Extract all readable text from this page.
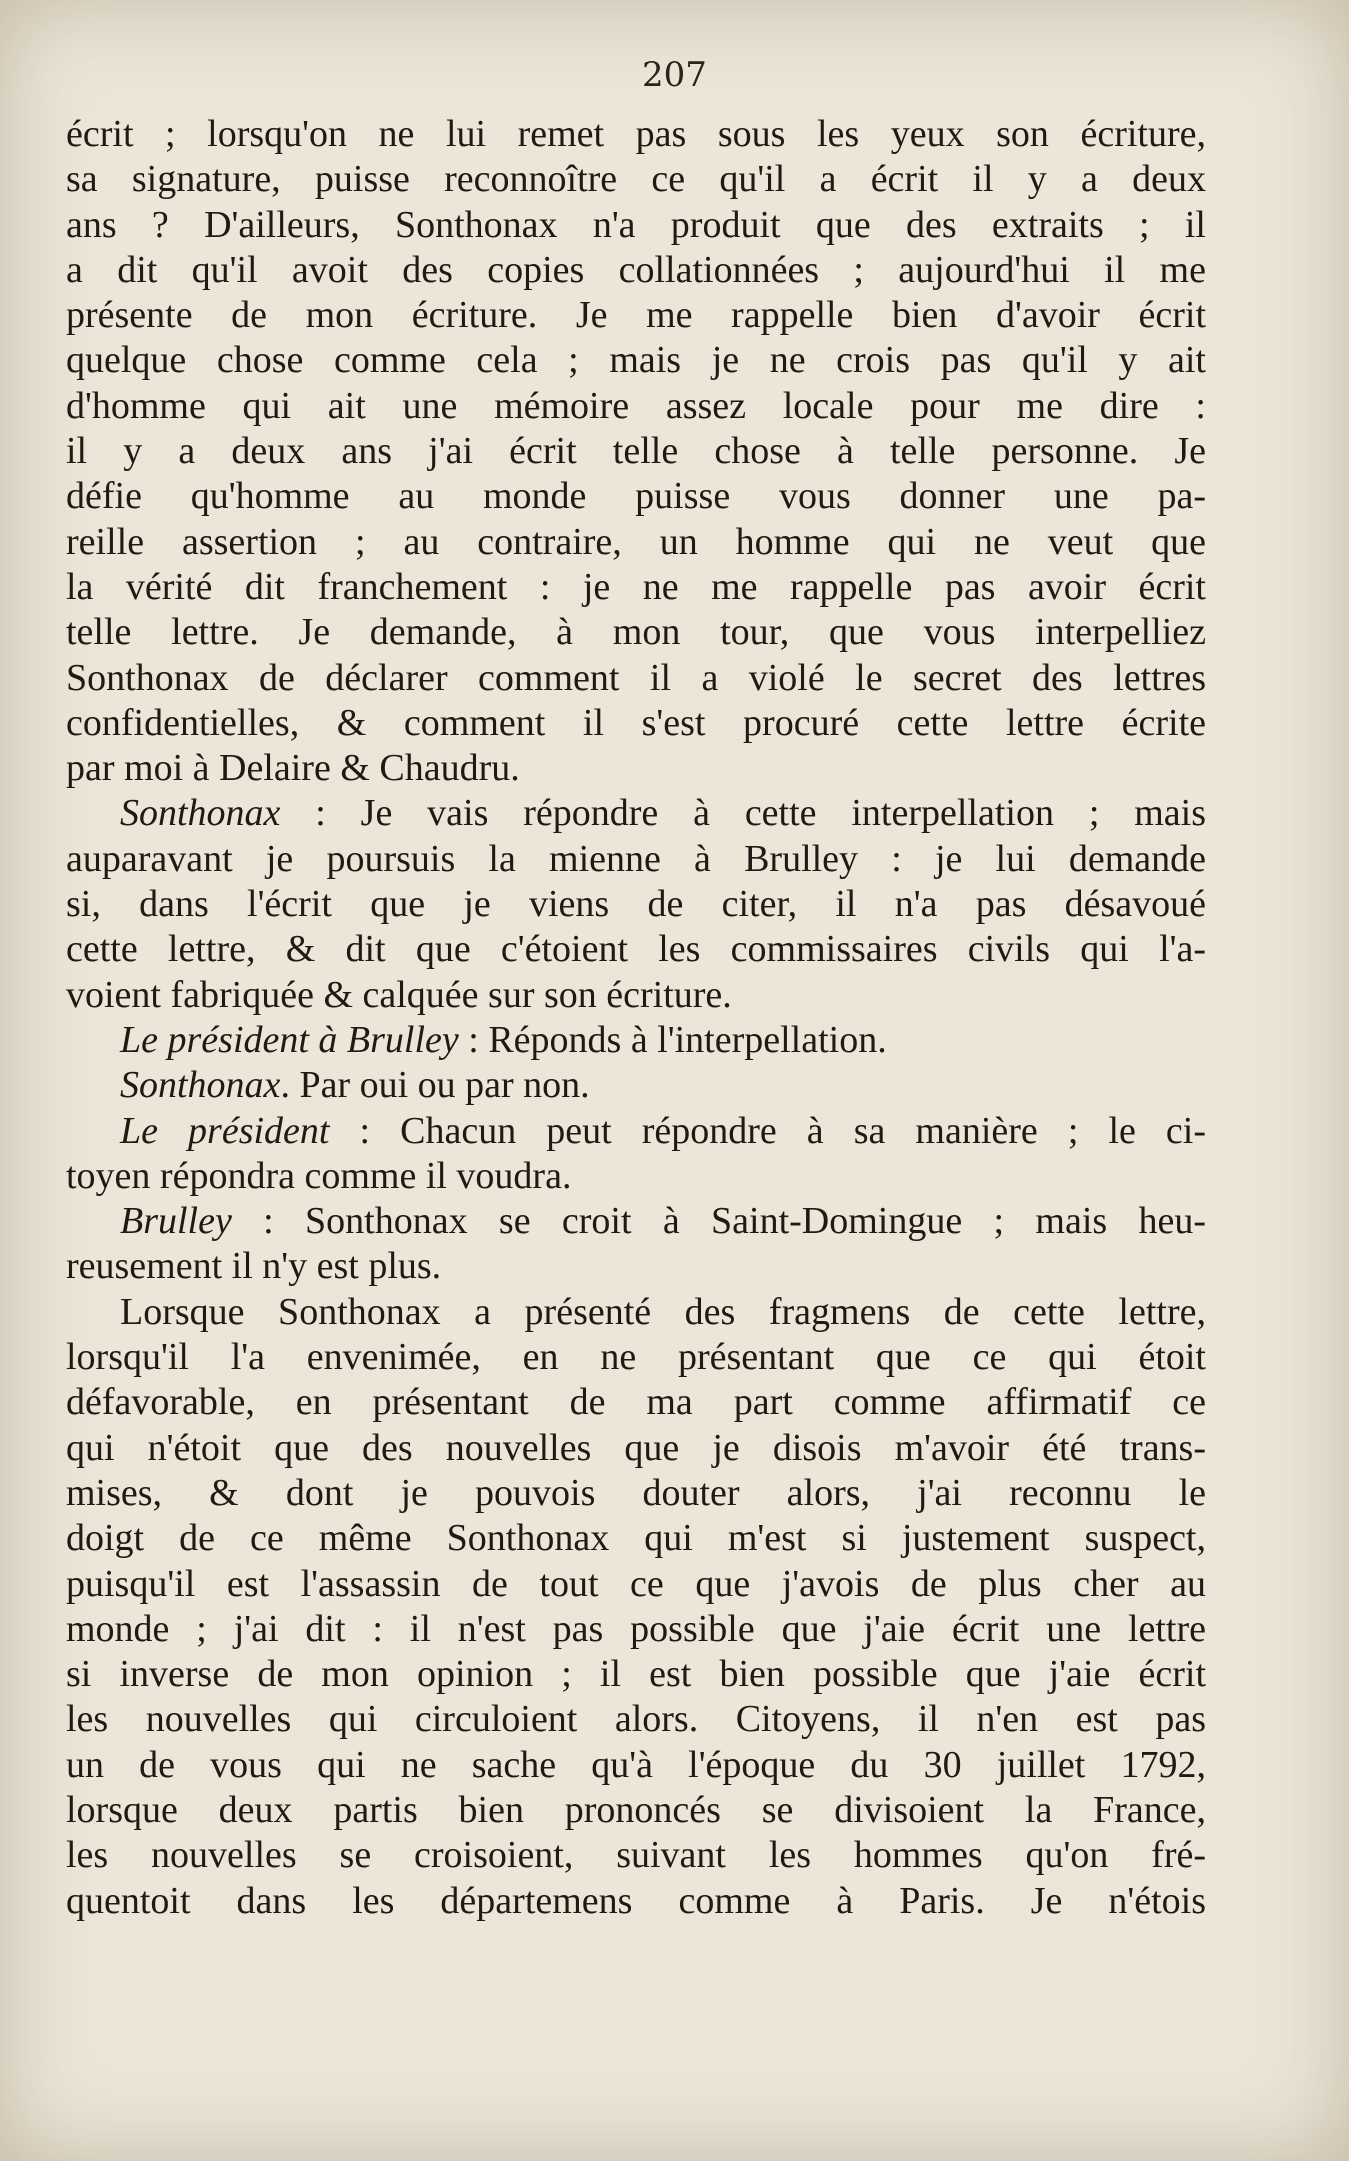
207
écrit ; lorsqu'on ne lui remet pas sous les yeux son écriture,
sa signature, puisse reconnoître ce qu'il a écrit il y a deux
ans ? D'ailleurs, Sonthonax n'a produit que des extraits ; il
a dit qu'il avoit des copies collationnées ; aujourd'hui il me
présente de mon écriture. Je me rappelle bien d'avoir écrit
quelque chose comme cela ; mais je ne crois pas qu'il y ait
d'homme qui ait une mémoire assez locale pour me dire :
il y a deux ans j'ai écrit telle chose à telle personne. Je
défie qu'homme au monde puisse vous donner une pa-
reille assertion ; au contraire, un homme qui ne veut que
la vérité dit franchement : je ne me rappelle pas avoir écrit
telle lettre. Je demande, à mon tour, que vous interpelliez
Sonthonax de déclarer comment il a violé le secret des lettres
confidentielles, & comment il s'est procuré cette lettre écrite
par moi à Delaire & Chaudru.
Sonthonax : Je vais répondre à cette interpellation ; mais
auparavant je poursuis la mienne à Brulley : je lui demande
si, dans l'écrit que je viens de citer, il n'a pas désavoué
cette lettre, & dit que c'étoient les commissaires civils qui l'a-
voient fabriquée & calquée sur son écriture.
Le président à Brulley : Réponds à l'interpellation.
Sonthonax. Par oui ou par non.
Le président : Chacun peut répondre à sa manière ; le ci-
toyen répondra comme il voudra.
Brulley : Sonthonax se croit à Saint-Domingue ; mais heu-
reusement il n'y est plus.
Lorsque Sonthonax a présenté des fragmens de cette lettre,
lorsqu'il l'a envenimée, en ne présentant que ce qui étoit
défavorable, en présentant de ma part comme affirmatif ce
qui n'étoit que des nouvelles que je disois m'avoir été trans-
mises, & dont je pouvois douter alors, j'ai reconnu le
doigt de ce même Sonthonax qui m'est si justement suspect,
puisqu'il est l'assassin de tout ce que j'avois de plus cher au
monde ; j'ai dit : il n'est pas possible que j'aie écrit une lettre
si inverse de mon opinion ; il est bien possible que j'aie écrit
les nouvelles qui circuloient alors. Citoyens, il n'en est pas
un de vous qui ne sache qu'à l'époque du 30 juillet 1792,
lorsque deux partis bien prononcés se divisoient la France,
les nouvelles se croisoient, suivant les hommes qu'on fré-
quentoit dans les départemens comme à Paris. Je n'étois
